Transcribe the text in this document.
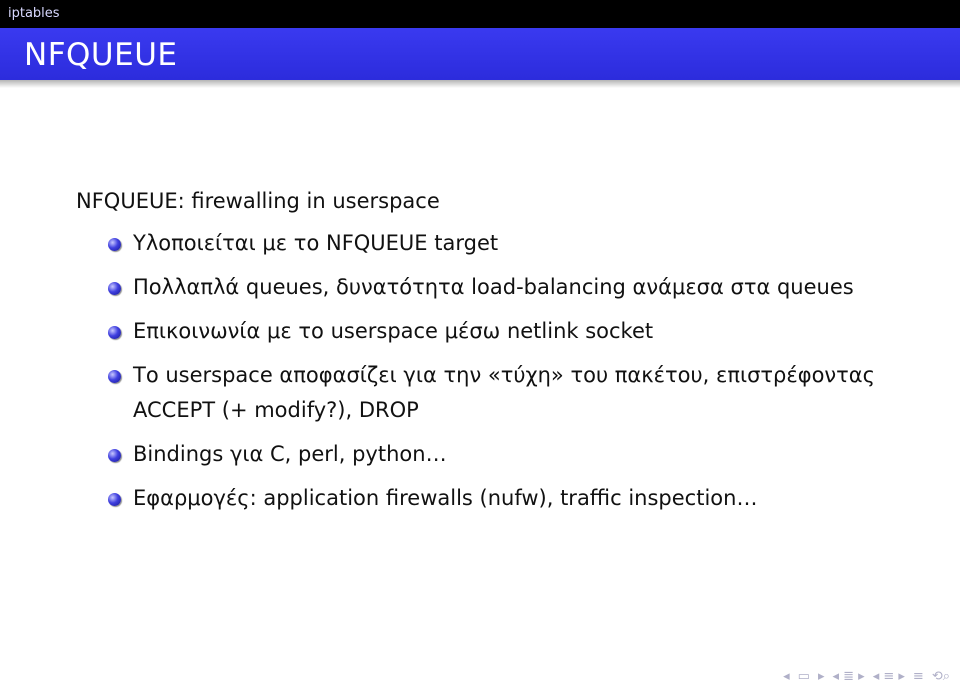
iptables
NFQUEUE
NFQUEUE: firewalling in userspace
Υλοποιείται με το NFQUEUE target
Πολλαπλά queues, δυνατότητα load-balancing ανάμεσα στα queues
Επικοινωνία με το userspace μέσω netlink socket
Το userspace αποφασίζει για την «τύχη» του πακέτου, επιστρέφοντας ACCEPT (+ modify?), DROP
Bindings για C, perl, python…
Εφαρμογές: application firewalls (nufw), traffic inspection…
◂ ▭ ▸ ◂ ≣ ▸ ◂ ≡ ▸ ≡ ⟲⌕
